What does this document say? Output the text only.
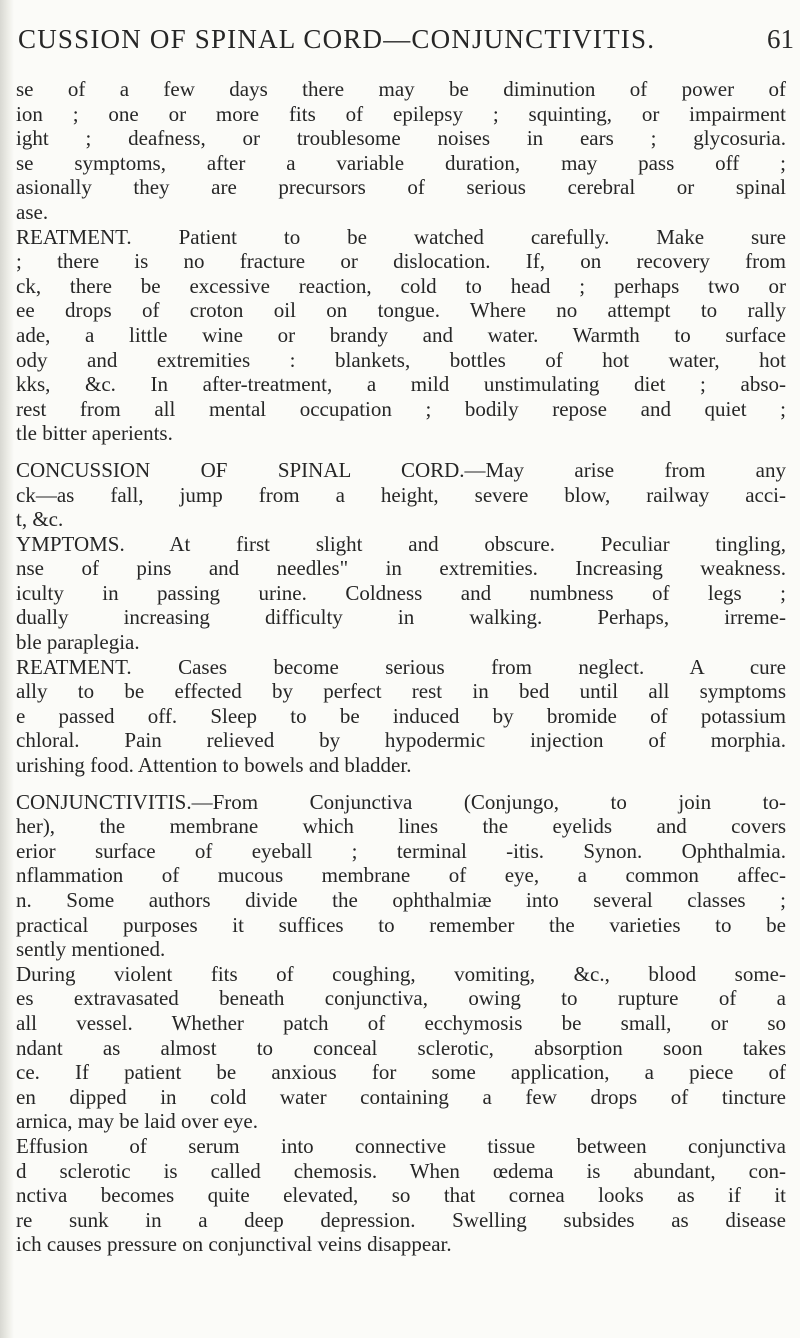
CUSSION OF SPINAL CORD—CONJUNCTIVITIS.	61
se of a few days there may be diminution of power of
ion ; one or more fits of epilepsy ; squinting, or impairment
ight ; deafness, or troublesome noises in ears ; glycosuria.
se symptoms, after a variable duration, may pass off ;
asionally they are precursors of serious cerebral or spinal
ase.
REATMENT. Patient to be watched carefully. Make sure
; there is no fracture or dislocation. If, on recovery from
ck, there be excessive reaction, cold to head ; perhaps two or
ee drops of croton oil on tongue. Where no attempt to rally
ade, a little wine or brandy and water. Warmth to surface
ody and extremities : blankets, bottles of hot water, hot
kks, &c. In after-treatment, a mild unstimulating diet ; abso-
rest from all mental occupation ; bodily repose and quiet ;
tle bitter aperients.
CONCUSSION OF SPINAL CORD.—May arise from any
ck—as fall, jump from a height, severe blow, railway acci-
t, &c.
YMPTOMS. At first slight and obscure. Peculiar tingling,
nse of pins and needles" in extremities. Increasing weakness.
iculty in passing urine. Coldness and numbness of legs ;
dually increasing difficulty in walking. Perhaps, irreme-
ble paraplegia.
REATMENT. Cases become serious from neglect. A cure
ally to be effected by perfect rest in bed until all symptoms
e passed off. Sleep to be induced by bromide of potassium
chloral. Pain relieved by hypodermic injection of morphia.
urishing food. Attention to bowels and bladder.
CONJUNCTIVITIS.—From Conjunctiva (Conjungo, to join to-
her), the membrane which lines the eyelids and covers
erior surface of eyeball ; terminal -itis. Synon. Ophthalmia.
nflammation of mucous membrane of eye, a common affec-
n. Some authors divide the ophthalmiæ into several classes ;
practical purposes it suffices to remember the varieties to be
sently mentioned.
During violent fits of coughing, vomiting, &c., blood some-
es extravasated beneath conjunctiva, owing to rupture of a
all vessel. Whether patch of ecchymosis be small, or so
ndant as almost to conceal sclerotic, absorption soon takes
ce. If patient be anxious for some application, a piece of
en dipped in cold water containing a few drops of tincture
arnica, may be laid over eye.
Effusion of serum into connective tissue between conjunctiva
d sclerotic is called chemosis. When œdema is abundant, con-
nctiva becomes quite elevated, so that cornea looks as if it
re sunk in a deep depression. Swelling subsides as disease
ich causes pressure on conjunctival veins disappear.
